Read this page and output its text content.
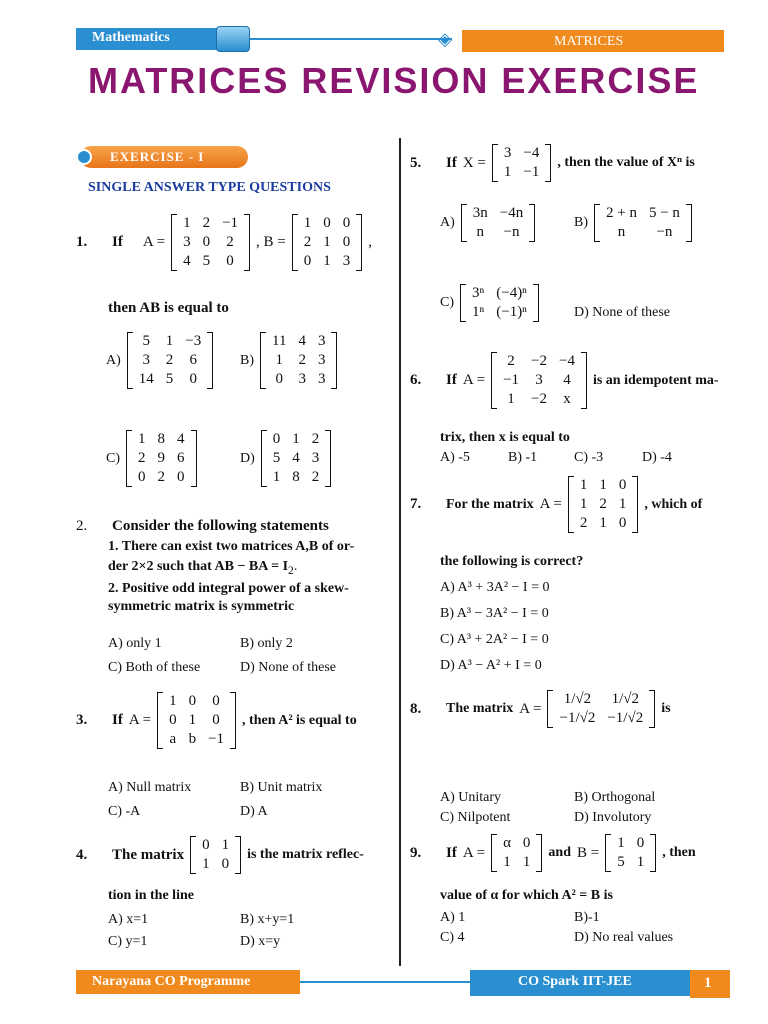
Mathematics	◈	MATRICES
MATRICES REVISION EXERCISE
EXERCISE - I
SINGLE ANSWER TYPE QUESTIONS
1.	If A =
1	2	−1
3	0	2
4	5	0
, B =
1	0	0
2	1	0
0	1	3
,
then AB is equal to
A)
5	1	−3
3	2	6
14	5	0
B)
11	4	3
1	2	3
0	3	3
C)
1	8	4
2	9	6
0	2	0
D)
0	1	2
5	4	3
1	8	2
2.	Consider the following statements
1. There can exist two matrices A,B of or-
der 2×2 such that AB − BA = $I_2$.
2. Positive odd integral power of a skew-
symmetric matrix is symmetric
A) only 1	B) only 2
C) Both of these	D) None of these
3.	If A =
1	0	0
0	1	0
a	b	−1
, then A² is equal to
A) Null matrix	B) Unit matrix
C) -A	D) A
4.	The matrix
0	1
1	0
is the matrix reflec-
tion in the line
A) x=1	B) x+y=1
C) y=1	D) x=y
5.	If X =
3	−4
1	−1
, then the value of Xⁿ is
A)
3n	−4n
n	−n
B)
2 + n	5 − n
n	−n
C)
3ⁿ	(−4)ⁿ
1ⁿ	(−1)ⁿ	D) None of these
6.	If A =
2	−2	−4
−1	3	4
1	−2	x
is an idempotent ma-
trix, then x is equal to
A) -5	B) -1	C) -3	D) -4
7.	For the matrix A =
1	1	0
1	2	1
2	1	0
, which of
the following is correct?
A) A³ + 3A² − I = 0
B) A³ − 3A² − I = 0
C) A³ + 2A² − I = 0
D) A³ − A² + I = 0
8.	The matrix A =
1/√2	1/√2
−1/√2	−1/√2
is
A) Unitary	B) Orthogonal
C) Nilpotent	D) Involutory
9.	If A =
α	0
1	1
and B =
1	0
5	1
, then
value of α for which A² = B is
A) 1	B)-1
C) 4	D) No real values
Narayana CO Programme	CO Spark IIT-JEE	1
